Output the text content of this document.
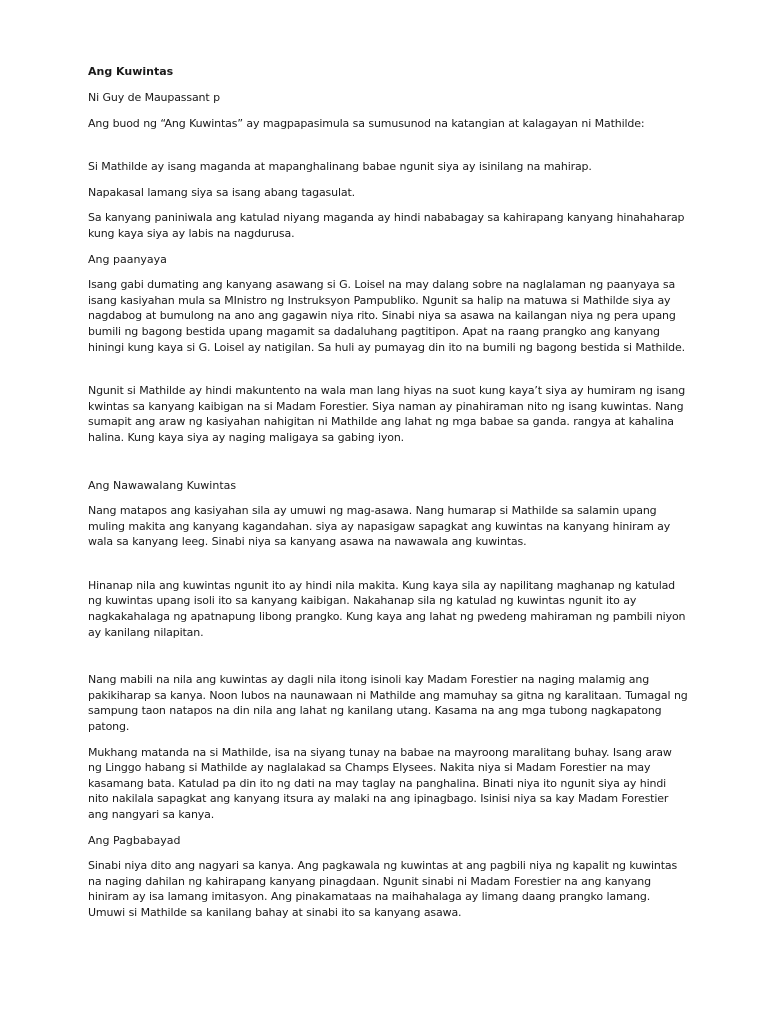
Ang Kuwintas
Ni Guy de Maupassant p
Ang buod ng “Ang Kuwintas” ay magpapasimula sa sumusunod na katangian at kalagayan ni Mathilde:
Si Mathilde ay isang maganda at mapanghalinang babae ngunit siya ay isinilang na mahirap.
Napakasal lamang siya sa isang abang tagasulat.
Sa kanyang paniniwala ang katulad niyang maganda ay hindi nababagay sa kahirapang kanyang hinahaharap kung kaya siya ay labis na nagdurusa.
Ang paanyaya
Isang gabi dumating ang kanyang asawang si G. Loisel na may dalang sobre na naglalaman ng paanyaya sa isang kasiyahan mula sa MInistro ng Instruksyon Pampubliko. Ngunit sa halip na matuwa si Mathilde siya ay nagdabog at bumulong na ano ang gagawin niya rito. Sinabi niya sa asawa na kailangan niya ng pera upang bumili ng bagong bestida upang magamit sa dadaluhang pagtitipon. Apat na raang prangko ang kanyang hiningi kung kaya si G. Loisel ay natigilan. Sa huli ay pumayag din ito na bumili ng bagong bestida si Mathilde.
Ngunit si Mathilde ay hindi makuntento na wala man lang hiyas na suot kung kaya’t siya ay humiram ng isang kwintas sa kanyang kaibigan na si Madam Forestier. Siya naman ay pinahiraman nito ng isang kuwintas. Nang sumapit ang araw ng kasiyahan nahigitan ni Mathilde ang lahat ng mga babae sa ganda. rangya at kahalina halina. Kung kaya siya ay naging maligaya sa gabing iyon.
Ang Nawawalang Kuwintas
Nang matapos ang kasiyahan sila ay umuwi ng mag-asawa. Nang humarap si Mathilde sa salamin upang muling makita ang kanyang kagandahan. siya ay napasigaw sapagkat ang kuwintas na kanyang hiniram ay wala sa kanyang leeg. Sinabi niya sa kanyang asawa na nawawala ang kuwintas.
Hinanap nila ang kuwintas ngunit ito ay hindi nila makita. Kung kaya sila ay napilitang maghanap ng katulad ng kuwintas upang isoli ito sa kanyang kaibigan. Nakahanap sila ng katulad ng kuwintas ngunit ito ay nagkakahalaga ng apatnapung libong prangko. Kung kaya ang lahat ng pwedeng mahiraman ng pambili niyon ay kanilang nilapitan.
Nang mabili na nila ang kuwintas ay dagli nila itong isinoli kay Madam Forestier na naging malamig ang pakikiharap sa kanya. Noon lubos na naunawaan ni Mathilde ang mamuhay sa gitna ng karalitaan. Tumagal ng sampung taon natapos na din nila ang lahat ng kanilang utang. Kasama na ang mga tubong nagkapatong patong.
Mukhang matanda na si Mathilde, isa na siyang tunay na babae na mayroong maralitang buhay. Isang araw ng Linggo habang si Mathilde ay naglalakad sa Champs Elysees. Nakita niya si Madam Forestier na may kasamang bata. Katulad pa din ito ng dati na may taglay na panghalina. Binati niya ito ngunit siya ay hindi nito nakilala sapagkat ang kanyang itsura ay malaki na ang ipinagbago. Isinisi niya sa kay Madam Forestier ang nangyari sa kanya.
Ang Pagbabayad
Sinabi niya dito ang nagyari sa kanya. Ang pagkawala ng kuwintas at ang pagbili niya ng kapalit ng kuwintas na naging dahilan ng kahirapang kanyang pinagdaan. Ngunit sinabi ni Madam Forestier na ang kanyang hiniram ay isa lamang imitasyon. Ang pinakamataas na maihahalaga ay limang daang prangko lamang. Umuwi si Mathilde sa kanilang bahay at sinabi ito sa kanyang asawa.
